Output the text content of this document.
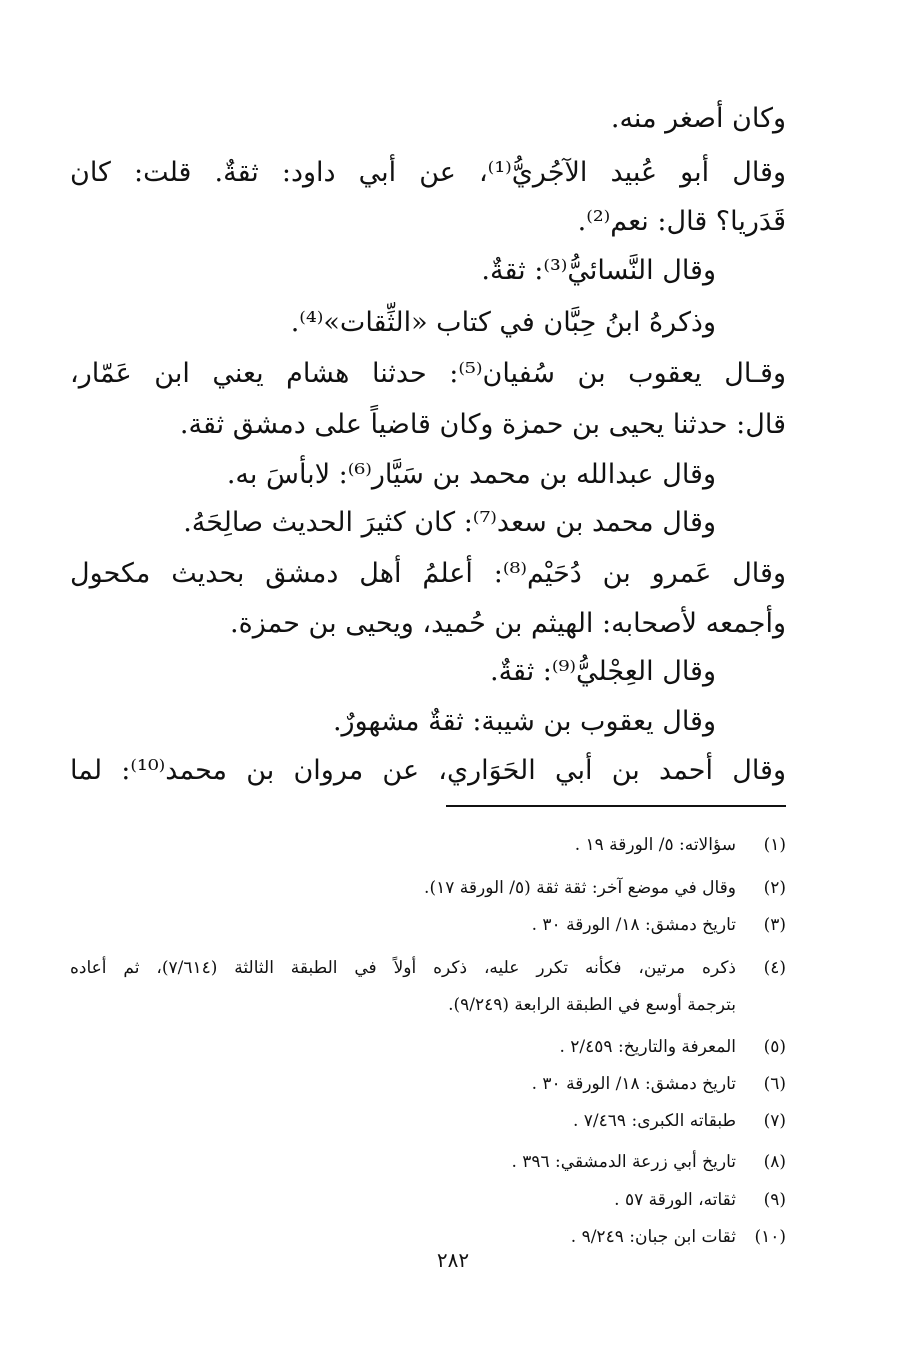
وكان أصغر منه.
وقال أبو عُبيد الآجُريُّ⁽¹⁾، عن أبي داود: ثقةٌ. قلت: كان
قَدَريا؟ قال: نعم⁽²⁾.
وقال النَّسائيُّ⁽³⁾: ثقةٌ.
وذكرهُ ابنُ حِبَّان في كتاب «الثِّقات»⁽⁴⁾.
وقـال يعقوب بن سُفيان⁽⁵⁾: حدثنا هشام يعني ابن عَمّار،
قال: حدثنا يحيى بن حمزة وكان قاضياً على دمشق ثقة.
وقال عبدالله بن محمد بن سَيَّار⁽⁶⁾: لابأسَ به.
وقال محمد بن سعد⁽⁷⁾: كان كثيرَ الحديث صالِحَهُ.
وقال عَمرو بن دُحَيْم⁽⁸⁾: أعلمُ أهل دمشق بحديث مكحول
وأجمعه لأصحابه: الهيثم بن حُميد، ويحيى بن حمزة.
وقال العِجْليُّ⁽⁹⁾: ثقةٌ.
وقال يعقوب بن شيبة: ثقةٌ مشهورٌ.
وقال أحمد بن أبي الحَوَاري، عن مروان بن محمد⁽¹⁰⁾: لما
(١)سؤالاته: ٥/ الورقة ١٩ .
(٢)وقال في موضع آخر: ثقة ثقة (٥/ الورقة ١٧).
(٣)تاريخ دمشق: ١٨/ الورقة ٣٠ .
(٤)ذكره مرتين، فكأنه تكرر عليه، ذكره أولاً في الطبقة الثالثة (٧/٦١٤)، ثم أعاده
بترجمة أوسع في الطبقة الرابعة (٩/٢٤٩).
(٥)المعرفة والتاريخ: ٢/٤٥٩ .
(٦)تاريخ دمشق: ١٨/ الورقة ٣٠ .
(٧)طبقاته الكبرى: ٧/٤٦٩ .
(٨)تاريخ أبي زرعة الدمشقي: ٣٩٦ .
(٩)ثقاته، الورقة ٥٧ .
(١٠)ثقات ابن جبان: ٩/٢٤٩ .
٢٨٢
